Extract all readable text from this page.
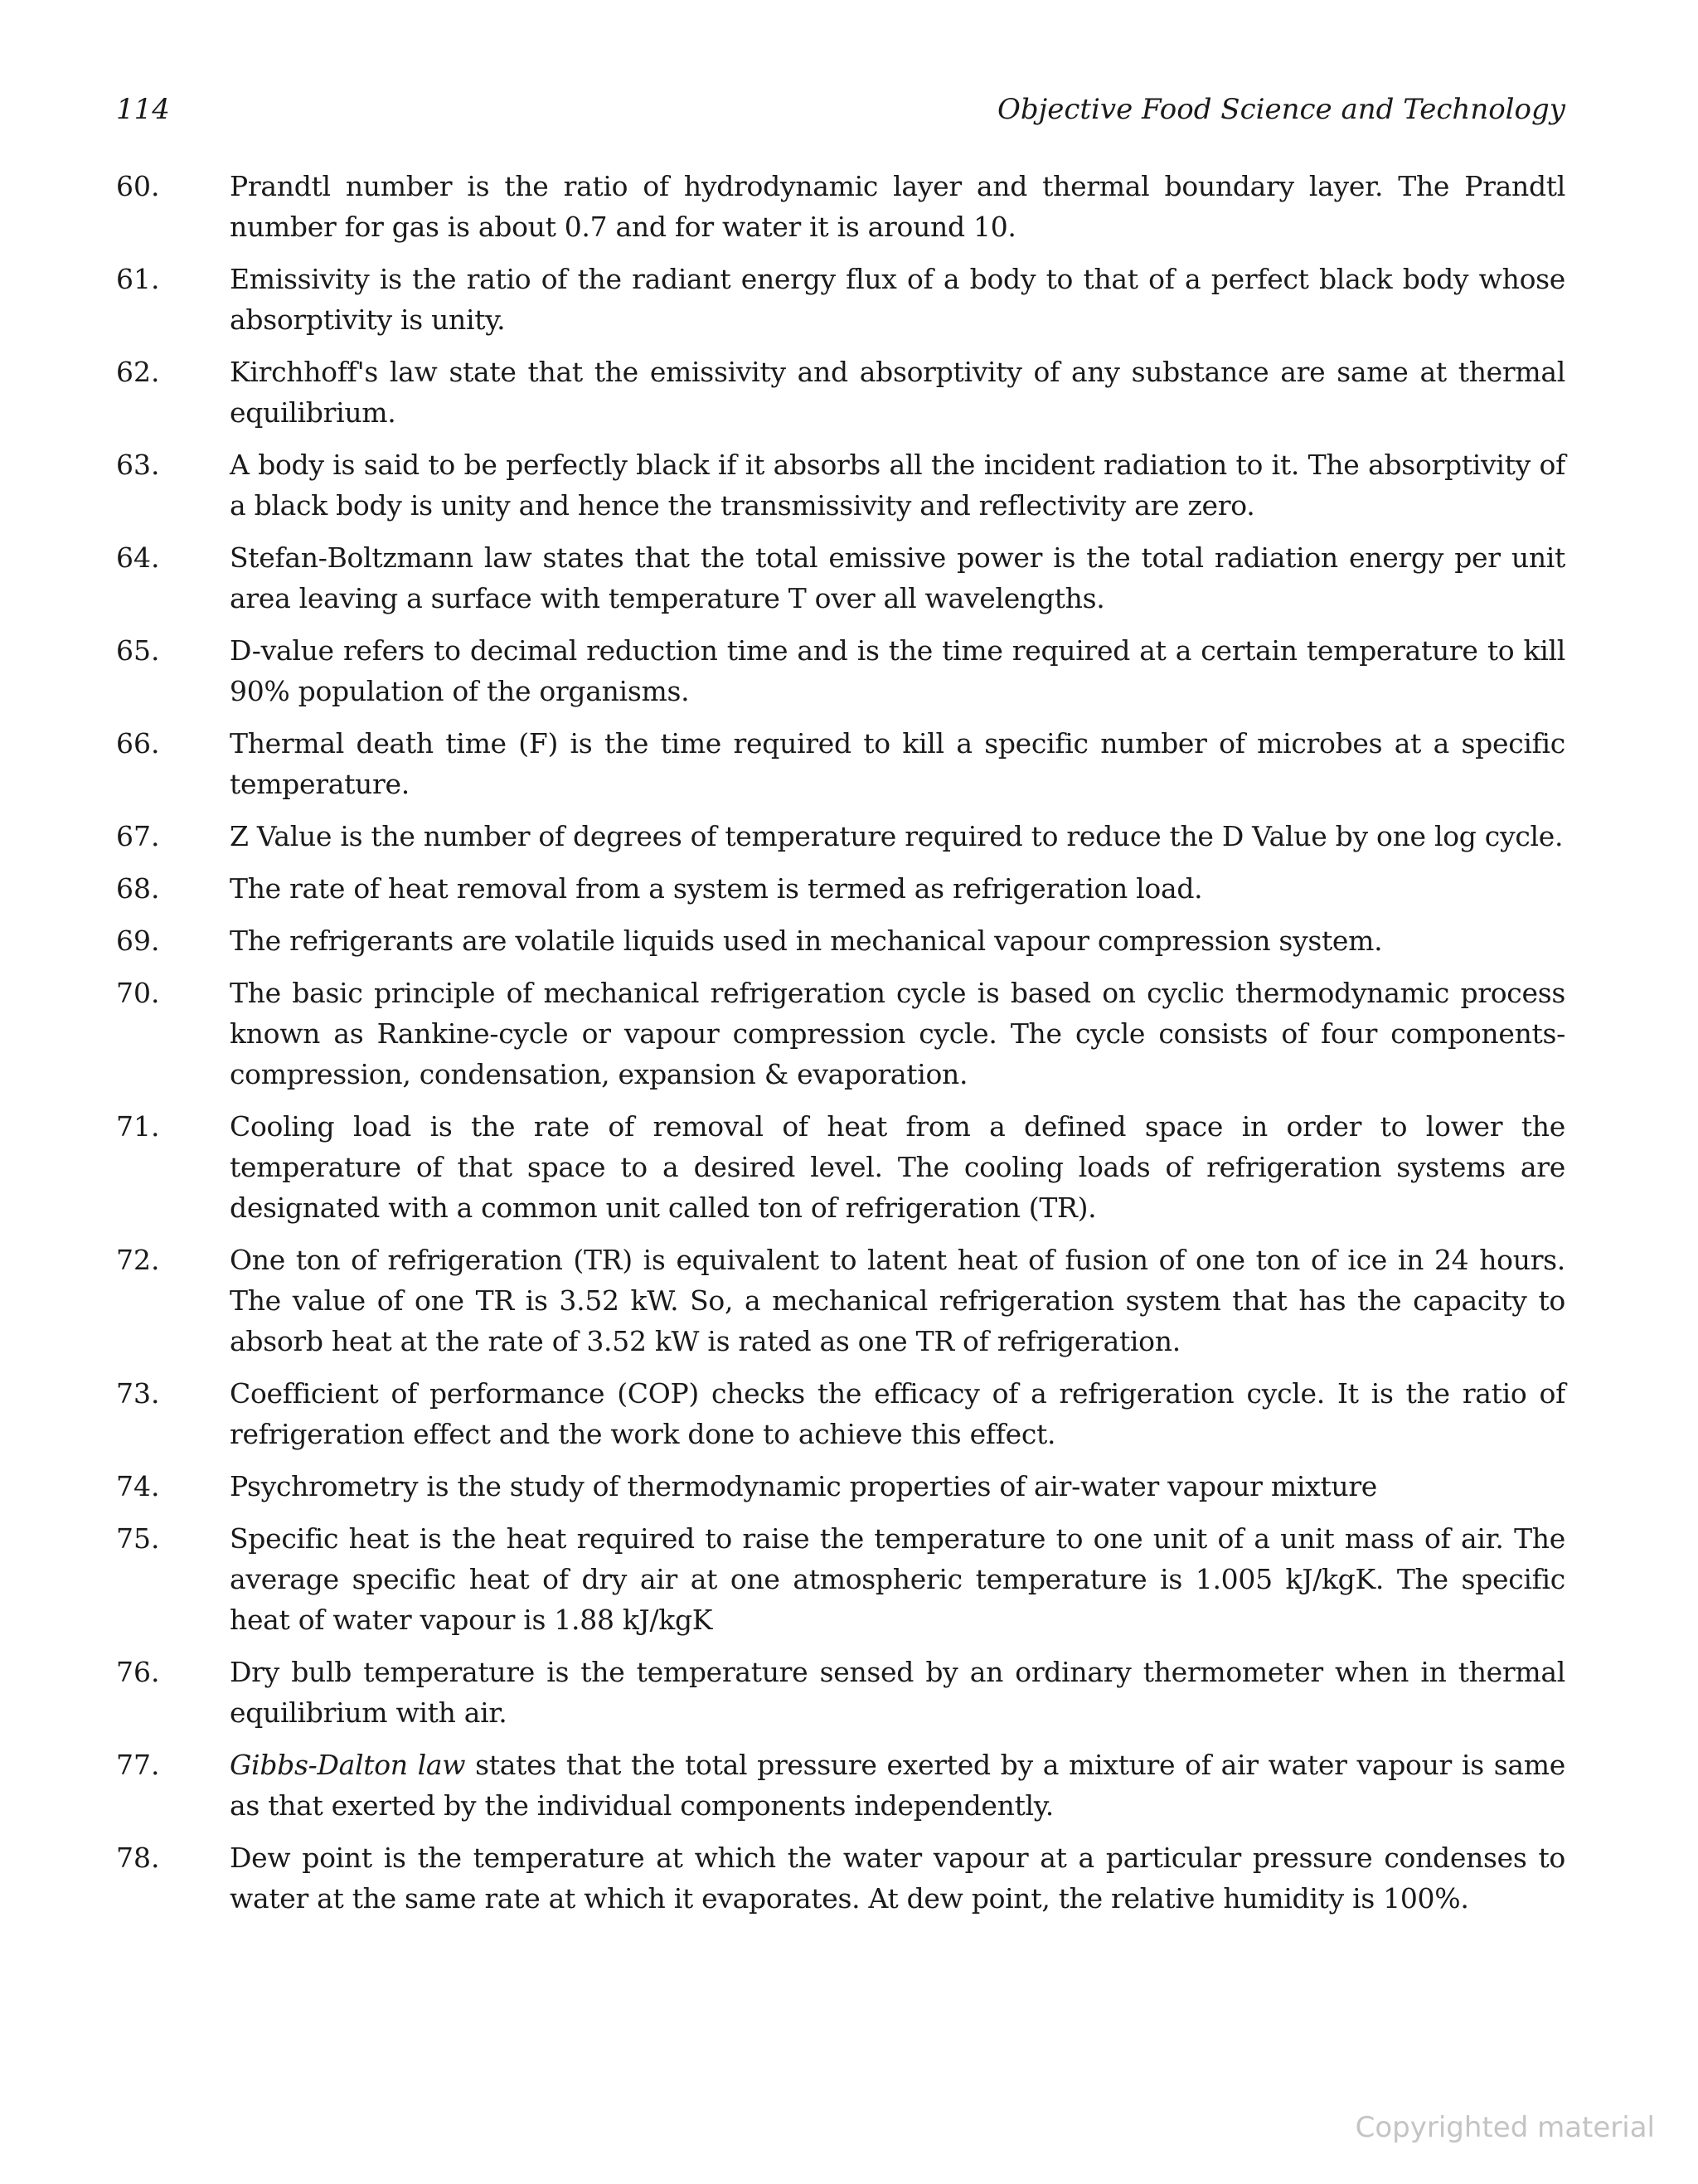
114	Objective Food Science and Technology
60.	Prandtl number is the ratio of hydrodynamic layer and thermal boundary layer. The Prandtl number for gas is about 0.7 and for water it is around 10.
61.	Emissivity is the ratio of the radiant energy flux of a body to that of a perfect black body whose absorptivity is unity.
62.	Kirchhoff's law state that the emissivity and absorptivity of any substance are same at thermal equilibrium.
63.	A body is said to be perfectly black if it absorbs all the incident radiation to it. The absorptivity of a black body is unity and hence the transmissivity and reflectivity are zero.
64.	Stefan-Boltzmann law states that the total emissive power is the total radiation energy per unit area leaving a surface with temperature T over all wavelengths.
65.	D-value refers to decimal reduction time and is the time required at a certain temperature to kill 90% population of the organisms.
66.	Thermal death time (F) is the time required to kill a specific number of microbes at a specific temperature.
67.	Z Value is the number of degrees of temperature required to reduce the D Value by one log cycle.
68.	The rate of heat removal from a system is termed as refrigeration load.
69.	The refrigerants are volatile liquids used in mechanical vapour compression system.
70.	The basic principle of mechanical refrigeration cycle is based on cyclic thermodynamic process known as Rankine-cycle or vapour compression cycle. The cycle consists of four components- compression, condensation, expansion & evaporation.
71.	Cooling load is the rate of removal of heat from a defined space in order to lower the temperature of that space to a desired level. The cooling loads of refrigeration systems are designated with a common unit called ton of refrigeration (TR).
72.	One ton of refrigeration (TR) is equivalent to latent heat of fusion of one ton of ice in 24 hours. The value of one TR is 3.52 kW. So, a mechanical refrigeration system that has the capacity to absorb heat at the rate of 3.52 kW is rated as one TR of refrigeration.
73.	Coefficient of performance (COP) checks the efficacy of a refrigeration cycle. It is the ratio of refrigeration effect and the work done to achieve this effect.
74.	Psychrometry is the study of thermodynamic properties of air-water vapour mixture
75.	Specific heat is the heat required to raise the temperature to one unit of a unit mass of air. The average specific heat of dry air at one atmospheric temperature is 1.005 kJ/kgK. The specific heat of water vapour is 1.88 kJ/kgK
76.	Dry bulb temperature is the temperature sensed by an ordinary thermometer when in thermal equilibrium with air.
77.	Gibbs-Dalton law states that the total pressure exerted by a mixture of air water vapour is same as that exerted by the individual components independently.
78.	Dew point is the temperature at which the water vapour at a particular pressure condenses to water at the same rate at which it evaporates. At dew point, the relative humidity is 100%.
Copyrighted material
